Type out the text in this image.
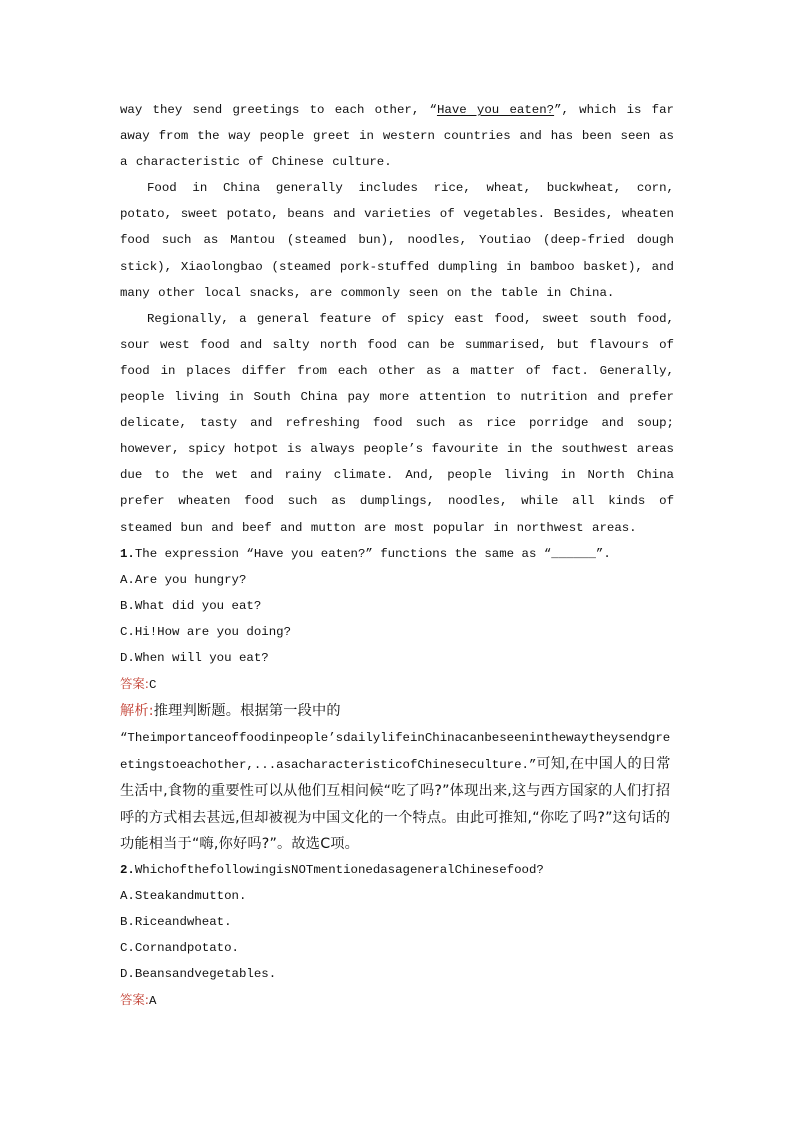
way they send greetings to each other, “Have you eaten?”, which is far away from the way people greet in western countries and has been seen as a characteristic of Chinese culture.

Food in China generally includes rice, wheat, buckwheat, corn, potato, sweet potato, beans and varieties of vegetables. Besides, wheaten food such as Mantou (steamed bun), noodles, Youtiao (deep-fried dough stick), Xiaolongbao (steamed pork-stuffed dumpling in bamboo basket), and many other local snacks, are commonly seen on the table in China.

Regionally, a general feature of spicy east food, sweet south food, sour west food and salty north food can be summarised, but flavours of food in places differ from each other as a matter of fact. Generally, people living in South China pay more attention to nutrition and prefer delicate, tasty and refreshing food such as rice porridge and soup; however, spicy hotpot is always people’s favourite in the southwest areas due to the wet and rainy climate. And, people living in North China prefer wheaten food such as dumplings, noodles, while all kinds of steamed bun and beef and mutton are most popular in northwest areas.

1.The expression “Have you eaten?” functions the same as “______”.

A.Are you hungry?

B.What did you eat?

C.Hi!How are you doing?

D.When will you eat?

答案:C

解析:推理判断题。根据第一段中的
“Theimportanceoffoodinpeople’sdailylifeinChinacanbeseenintheway​theysendgreetingstoeachother,...asacharacteristicofChineseculture.”可知,在中国人的日常生活中,食物的重要性可以从他们互相问候“吃了吗?”体现出来,这与西方国家的人们打招呼的方式相去甚远,但却被视为中国文化的一个特点。由此可推知,“你吃了吗?”这句话的功能相当于“嗨,你好吗?”。故选C项。

2.WhichofthefollowingisNOTmentionedasageneralChinesefood?

A.Steakandmutton.

B.Riceandwheat.

C.Cornandpotato.

D.Beansandvegetables.

答案:A
